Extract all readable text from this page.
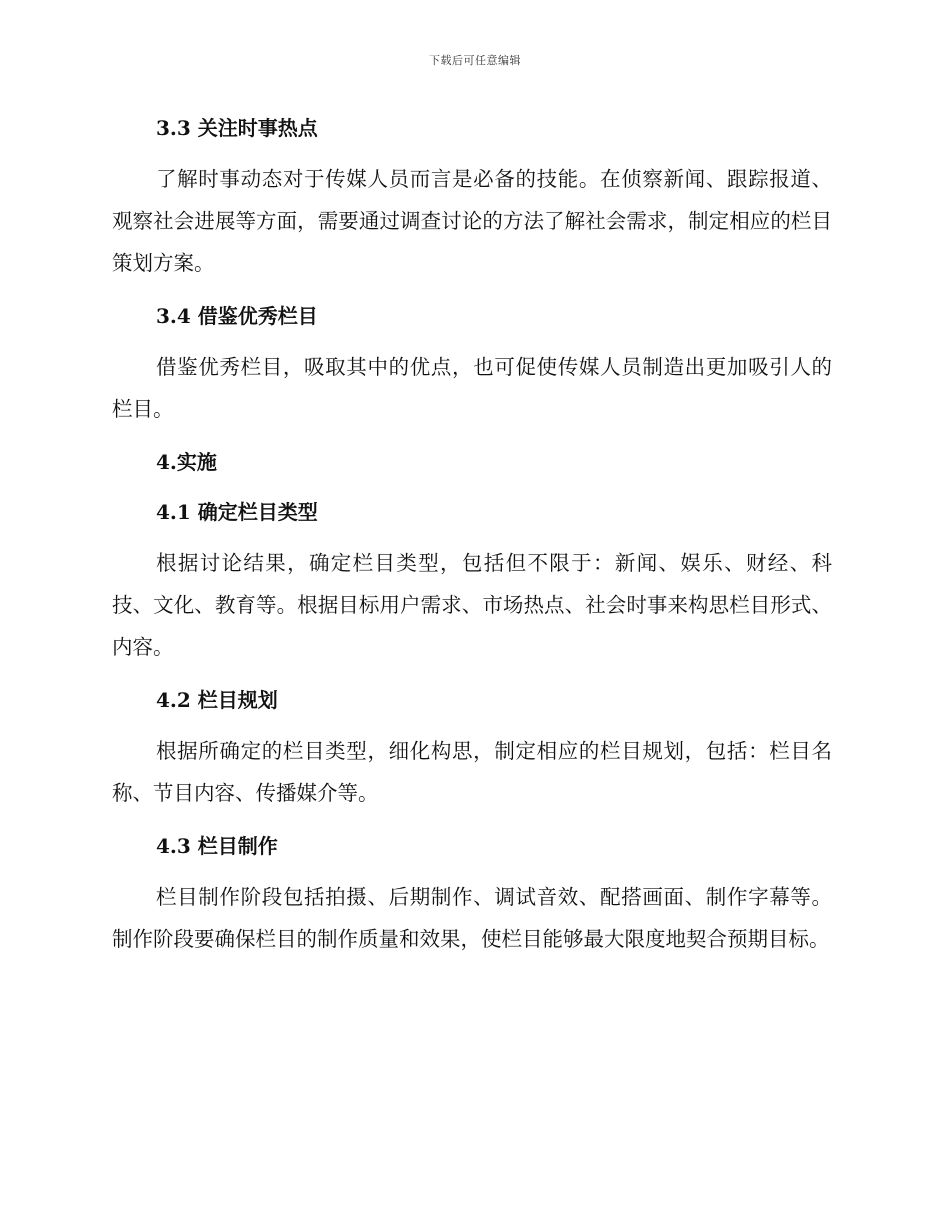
下载后可任意编辑
3.3 关注时事热点

了解时事动态对于传媒人员而言是必备的技能。在侦察新闻、跟踪报道、观察社会进展等方面，需要通过调查讨论的方法了解社会需求，制定相应的栏目策划方案。

3.4 借鉴优秀栏目

借鉴优秀栏目，吸取其中的优点，也可促使传媒人员制造出更加吸引人的栏目。

4.实施
4.1 确定栏目类型

根据讨论结果，确定栏目类型，包括但不限于：新闻、娱乐、财经、科技、文化、教育等。根据目标用户需求、市场热点、社会时事来构思栏目形式、内容。

4.2 栏目规划

根据所确定的栏目类型，细化构思，制定相应的栏目规划，包括：栏目名称、节目内容、传播媒介等。

4.3 栏目制作

栏目制作阶段包括拍摄、后期制作、调试音效、配搭画面、制作字幕等。制作阶段要确保栏目的制作质量和效果，使栏目能够最大限度地契合预期目标。
